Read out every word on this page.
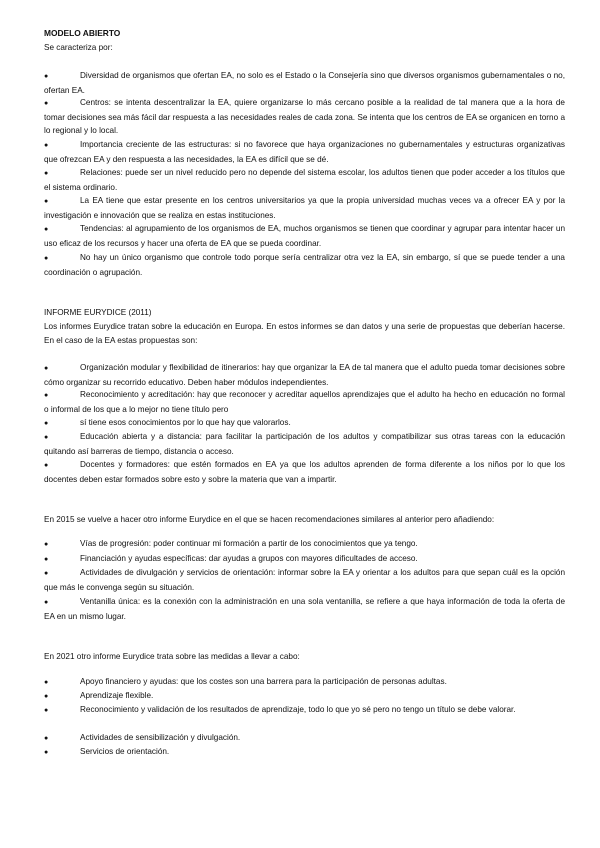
MODELO ABIERTO
Se caracteriza por:
●	Diversidad de organismos que ofertan EA, no solo es el Estado o la Consejería sino que diversos organismos gubernamentales o no, ofertan EA.
●	Centros: se intenta descentralizar la EA, quiere organizarse lo más cercano posible a la realidad de tal manera que a la hora de tomar decisiones sea más fácil dar respuesta a las necesidades reales de cada zona. Se intenta que los centros de EA se organicen en torno a lo regional y lo local.
●	Importancia creciente de las estructuras: si no favorece que haya organizaciones no gubernamentales y estructuras organizativas que ofrezcan EA y den respuesta a las necesidades, la EA es difícil que se dé.
●	Relaciones: puede ser un nivel reducido pero no depende del sistema escolar, los adultos tienen que poder acceder a los títulos que el sistema ordinario.
●	La EA tiene que estar presente en los centros universitarios ya que la propia universidad muchas veces va a ofrecer EA y por la investigación e innovación que se realiza en estas instituciones.
●	Tendencias: al agrupamiento de los organismos de EA, muchos organismos se tienen que coordinar y agrupar para intentar hacer un uso eficaz de los recursos y hacer una oferta de EA que se pueda coordinar.
●	No hay un único organismo que controle todo porque sería centralizar otra vez la EA, sin embargo, sí que se puede tender a una coordinación o agrupación.
INFORME EURYDICE (2011)
Los informes Eurydice tratan sobre la educación en Europa. En estos informes se dan datos y una serie de propuestas que deberían hacerse. En el caso de la EA estas propuestas son:
●	Organización modular y flexibilidad de itinerarios: hay que organizar la EA de tal manera que el adulto pueda tomar decisiones sobre cómo organizar su recorrido educativo. Deben haber módulos independientes.
●	Reconocimiento y acreditación: hay que reconocer y acreditar aquellos aprendizajes que el adulto ha hecho en educación no formal o informal de los que a lo mejor no tiene título pero
●	sí tiene esos conocimientos por lo que hay que valorarlos.
●	Educación abierta y a distancia: para facilitar la participación de los adultos y compatibilizar sus otras tareas con la educación quitando así barreras de tiempo, distancia o acceso.
●	Docentes y formadores: que estén formados en EA ya que los adultos aprenden de forma diferente a los niños por lo que los docentes deben estar formados sobre esto y sobre la materia que van a impartir.
En 2015 se vuelve a hacer otro informe Eurydice en el que se hacen recomendaciones similares al anterior pero añadiendo:
●	Vías de progresión: poder continuar mi formación a partir de los conocimientos que ya tengo.
●	Financiación y ayudas específicas: dar ayudas a grupos con mayores dificultades de acceso.
●	Actividades de divulgación y servicios de orientación: informar sobre la EA y orientar a los adultos para que sepan cuál es la opción que más le convenga según su situación.
●	Ventanilla única: es la conexión con la administración en una sola ventanilla, se refiere a que haya información de toda la oferta de EA en un mismo lugar.
En 2021 otro informe Eurydice trata sobre las medidas a llevar a cabo:
●	Apoyo financiero y ayudas: que los costes son una barrera para la participación de personas adultas.
●	Aprendizaje flexible.
●	Reconocimiento y validación de los resultados de aprendizaje, todo lo que yo sé pero no tengo un título se debe valorar.
●	Actividades de sensibilización y divulgación.
●	Servicios de orientación.
